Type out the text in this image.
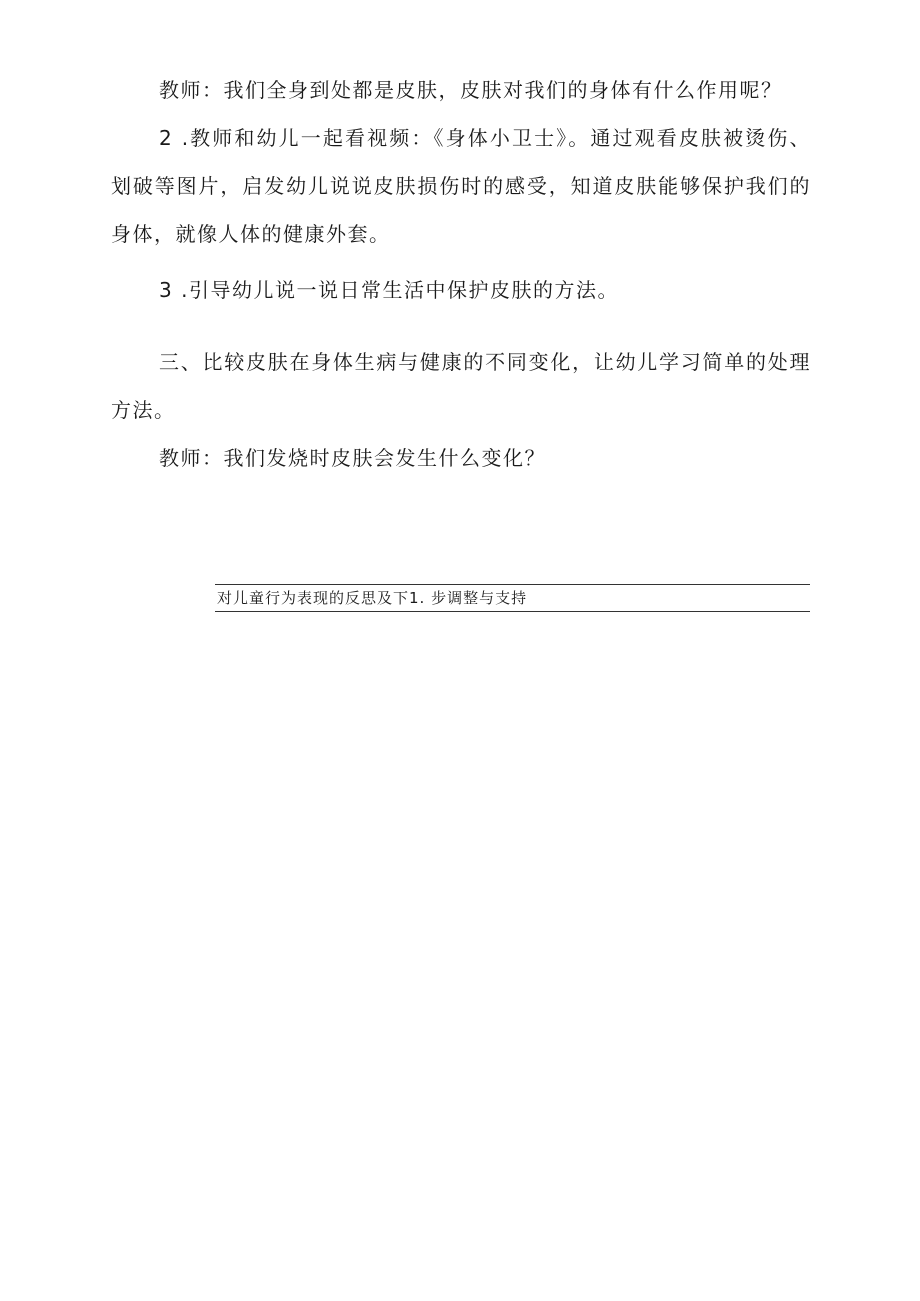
教师：我们全身到处都是皮肤，皮肤对我们的身体有什么作用呢？

2 .教师和幼儿一起看视频：《身体小卫士》。通过观看皮肤被烫伤、划破等图片，启发幼儿说说皮肤损伤时的感受，知道皮肤能够保护我们的身体，就像人体的健康外套。

3 .引导幼儿说一说日常生活中保护皮肤的方法。

三、比较皮肤在身体生病与健康的不同变化，让幼儿学习简单的处理方法。

教师：我们发烧时皮肤会发生什么变化？

对儿童行为表现的反思及下1. 步调整与支持
